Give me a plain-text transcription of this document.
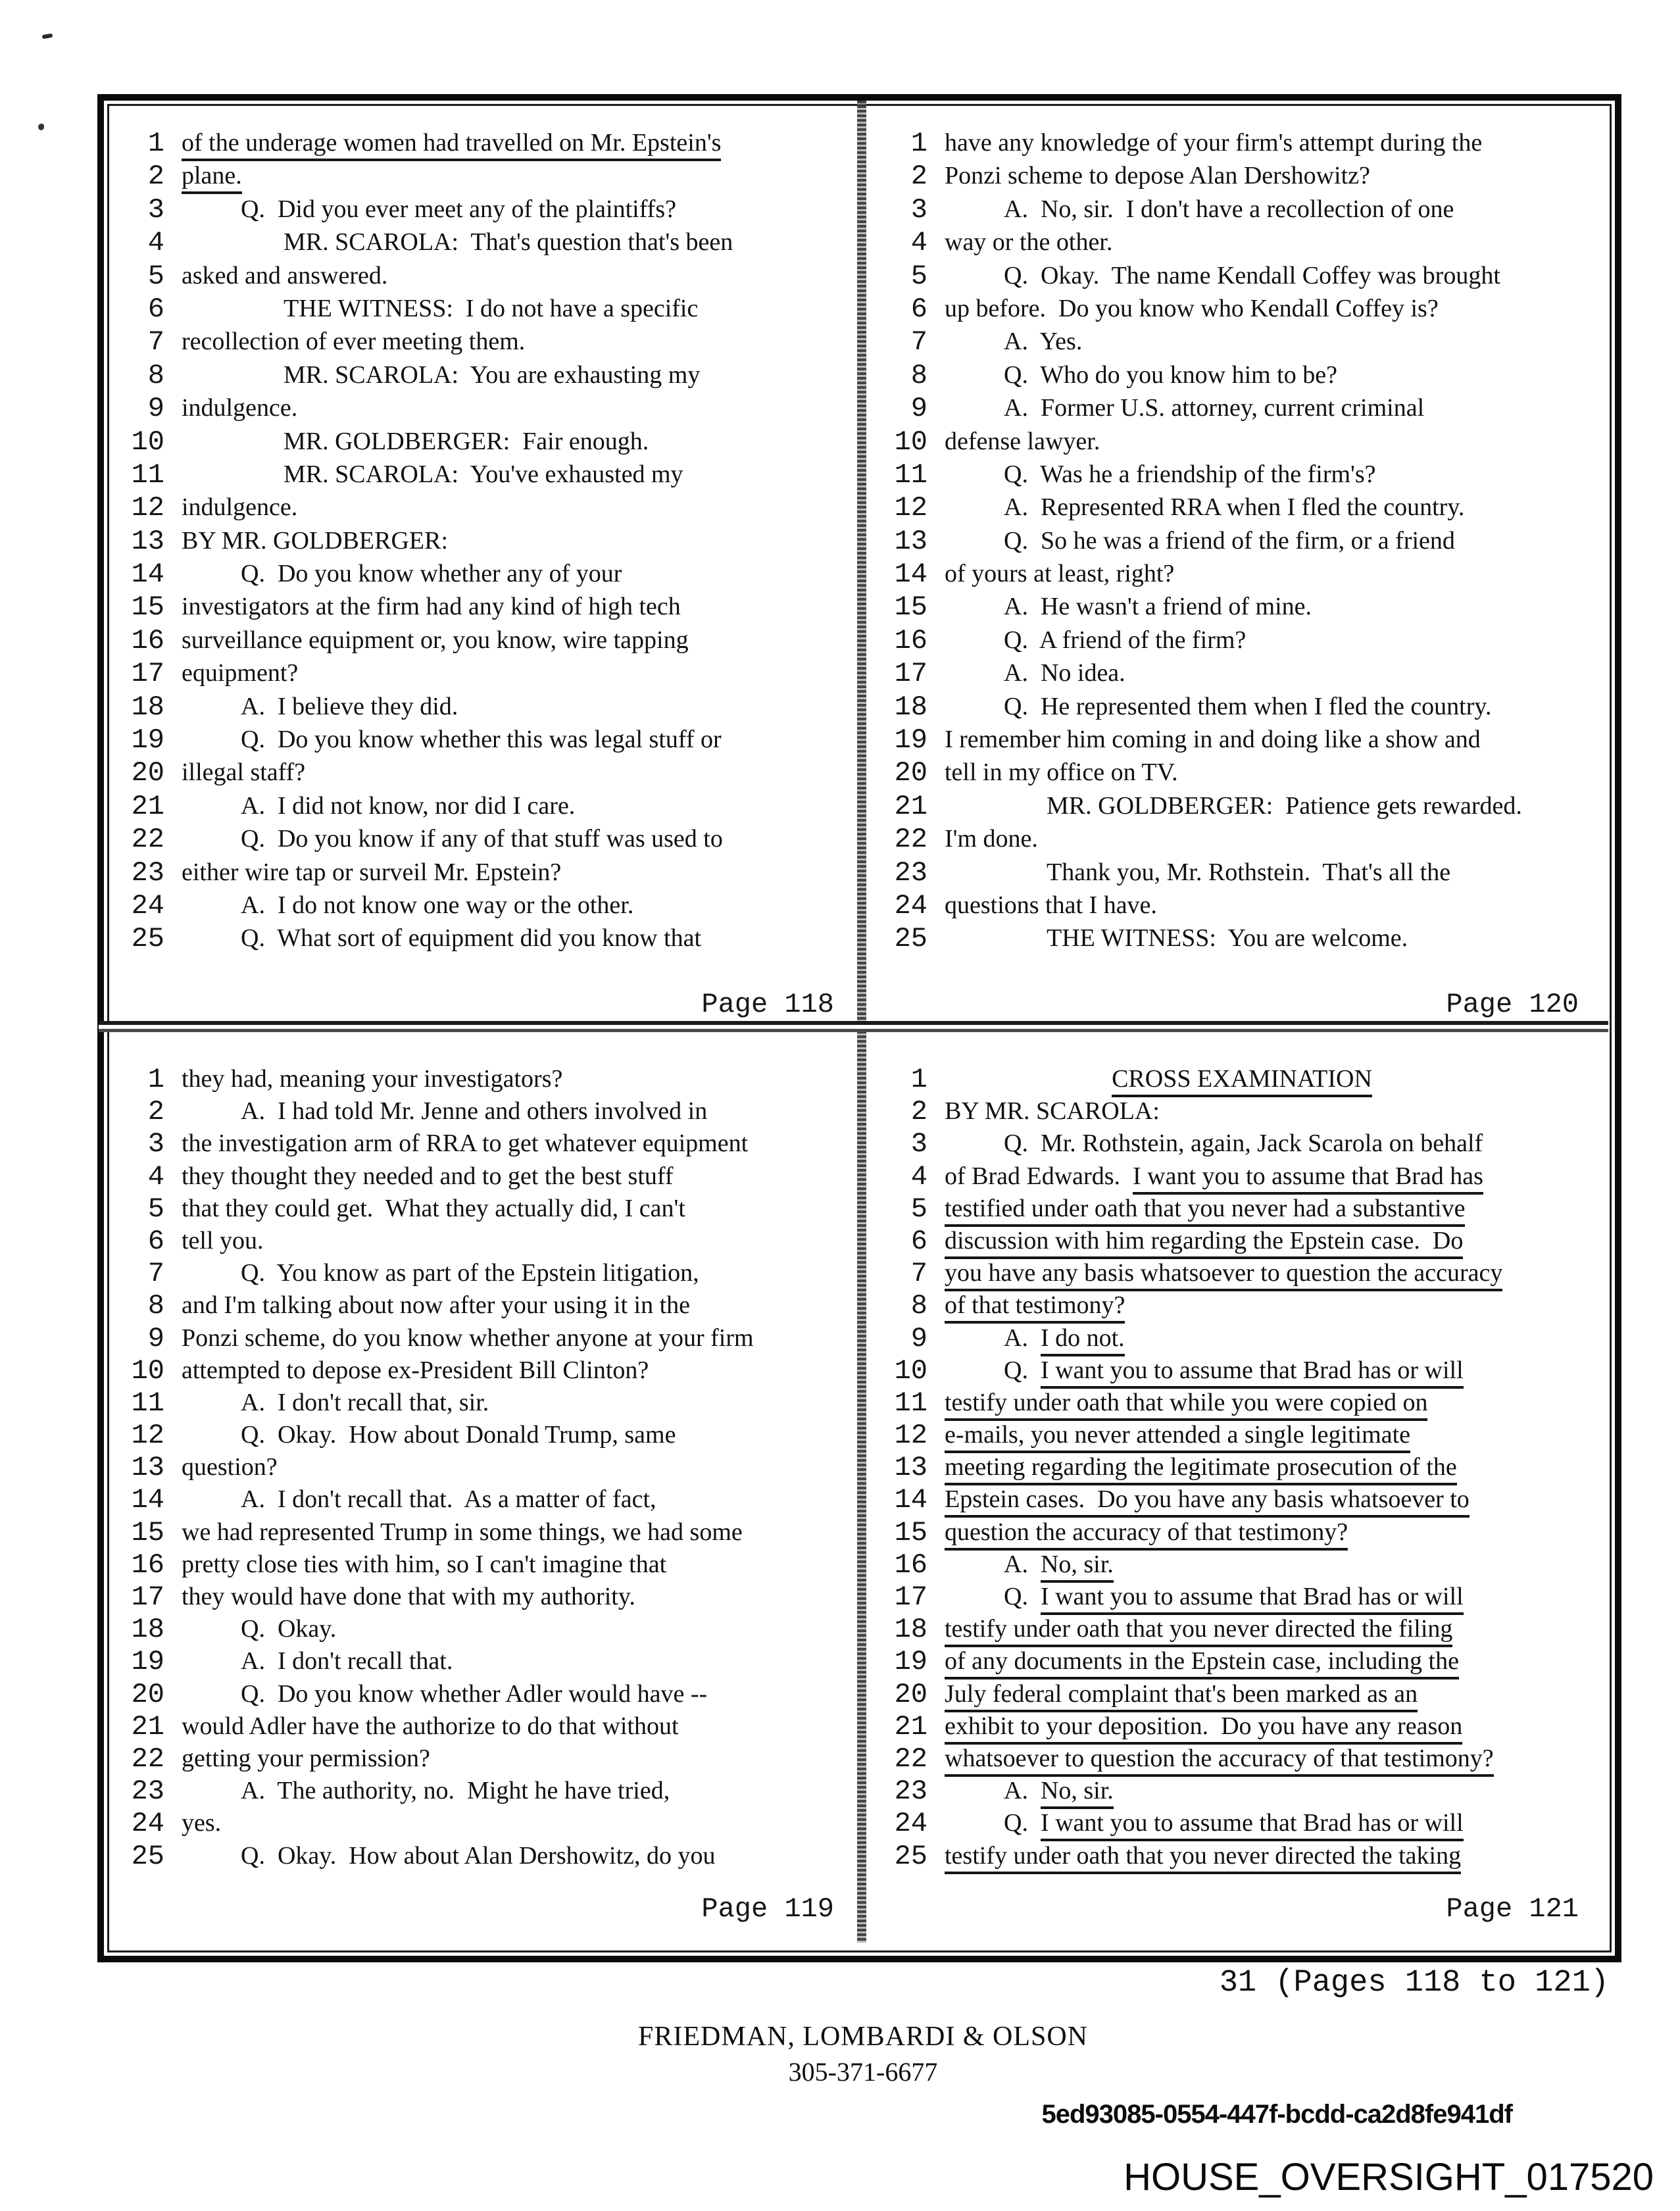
1 of the underage women had travelled on Mr. Epstein's
2 plane.
3	Q.  Did you ever meet any of the plaintiffs?
4	MR. SCAROLA:  That's question that's been
5 asked and answered.
6	THE WITNESS:  I do not have a specific
7 recollection of ever meeting them.
8	MR. SCAROLA:  You are exhausting my
9 indulgence.
10	MR. GOLDBERGER:  Fair enough.
11	MR. SCAROLA:  You've exhausted my
12 indulgence.
13 BY MR. GOLDBERGER:
14	Q.  Do you know whether any of your
15 investigators at the firm had any kind of high tech
16 surveillance equipment or, you know, wire tapping
17 equipment?
18	A.  I believe they did.
19	Q.  Do you know whether this was legal stuff or
20 illegal staff?
21	A.  I did not know, nor did I care.
22	Q.  Do you know if any of that stuff was used to
23 either wire tap or surveil Mr. Epstein?
24	A.  I do not know one way or the other.
25	Q.  What sort of equipment did you know that
Page 118
1 have any knowledge of your firm's attempt during the
2 Ponzi scheme to depose Alan Dershowitz?
3	A.  No, sir.  I don't have a recollection of one
4 way or the other.
5	Q.  Okay.  The name Kendall Coffey was brought
6 up before.  Do you know who Kendall Coffey is?
7	A.  Yes.
8	Q.  Who do you know him to be?
9	A.  Former U.S. attorney, current criminal
10 defense lawyer.
11	Q.  Was he a friendship of the firm's?
12	A.  Represented RRA when I fled the country.
13	Q.  So he was a friend of the firm, or a friend
14 of yours at least, right?
15	A.  He wasn't a friend of mine.
16	Q.  A friend of the firm?
17	A.  No idea.
18	Q.  He represented them when I fled the country.
19 I remember him coming in and doing like a show and
20 tell in my office on TV.
21	MR. GOLDBERGER:  Patience gets rewarded.
22 I'm done.
23	Thank you, Mr. Rothstein.  That's all the
24 questions that I have.
25	THE WITNESS:  You are welcome.
Page 120
1 they had, meaning your investigators?
2	A.  I had told Mr. Jenne and others involved in
3 the investigation arm of RRA to get whatever equipment
4 they thought they needed and to get the best stuff
5 that they could get.  What they actually did, I can't
6 tell you.
7	Q.  You know as part of the Epstein litigation,
8 and I'm talking about now after your using it in the
9 Ponzi scheme, do you know whether anyone at your firm
10 attempted to depose ex-President Bill Clinton?
11	A.  I don't recall that, sir.
12	Q.  Okay.  How about Donald Trump, same
13 question?
14	A.  I don't recall that.  As a matter of fact,
15 we had represented Trump in some things, we had some
16 pretty close ties with him, so I can't imagine that
17 they would have done that with my authority.
18	Q.  Okay.
19	A.  I don't recall that.
20	Q.  Do you know whether Adler would have --
21 would Adler have the authorize to do that without
22 getting your permission?
23	A.  The authority, no.  Might he have tried,
24 yes.
25	Q.  Okay.  How about Alan Dershowitz, do you
Page 119
1	CROSS EXAMINATION
2 BY MR. SCAROLA:
3	Q.  Mr. Rothstein, again, Jack Scarola on behalf
4 of Brad Edwards.  I want you to assume that Brad has
5 testified under oath that you never had a substantive
6 discussion with him regarding the Epstein case.  Do
7 you have any basis whatsoever to question the accuracy
8 of that testimony?
9	A.  I do not.
10	Q.  I want you to assume that Brad has or will
11 testify under oath that while you were copied on
12 e-mails, you never attended a single legitimate
13 meeting regarding the legitimate prosecution of the
14 Epstein cases.  Do you have any basis whatsoever to
15 question the accuracy of that testimony?
16	A.  No, sir.
17	Q.  I want you to assume that Brad has or will
18 testify under oath that you never directed the filing
19 of any documents in the Epstein case, including the
20 July federal complaint that's been marked as an
21 exhibit to your deposition.  Do you have any reason
22 whatsoever to question the accuracy of that testimony?
23	A.  No, sir.
24	Q.  I want you to assume that Brad has or will
25 testify under oath that you never directed the taking
Page 121
31 (Pages 118 to 121)
FRIEDMAN, LOMBARDI & OLSON
305-371-6677
5ed93085-0554-447f-bcdd-ca2d8fe941df
HOUSE_OVERSIGHT_017520
